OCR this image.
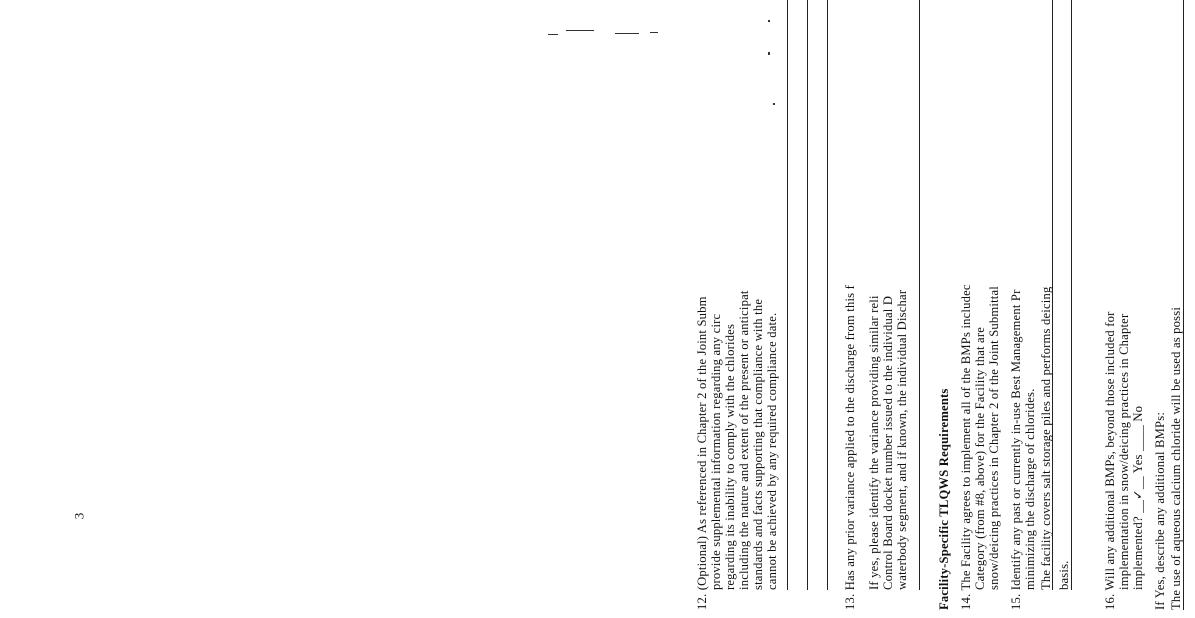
3	12. (Optional) As referenced in Chapter 2 of the Joint Subm provide supplemental information regarding any circ regarding its inability to comply with the chlorides including the nature and extent of the present or anticipat standards and facts supporting that compliance with the cannot be achieved by any required compliance date.	13. Has any prior variance applied to the discharge from this f If yes, please identify the variance providing similar reli Control Board docket number issued to the individual D waterbody segment, and if known, the individual Dischar Facility-Specific TLQWS Requirements 14. The Facility agrees to implement all of the BMPs includec Category (from #8, above) for the Facility that are snow/deicing practices in Chapter 2 of the Joint Submittal 15. Identify any past or currently in-use Best Management Pr minimizing the discharge of chlorides. The facility covers salt storage piles and performs deicing basis.	16. Will any additional BMPs, beyond those included for implementation in snow/deicing practices in Chapter implemented? __✓__ Yes ____ No If Yes, describe any additional BMPs: The use of aqueous calcium chloride will be used as possi
